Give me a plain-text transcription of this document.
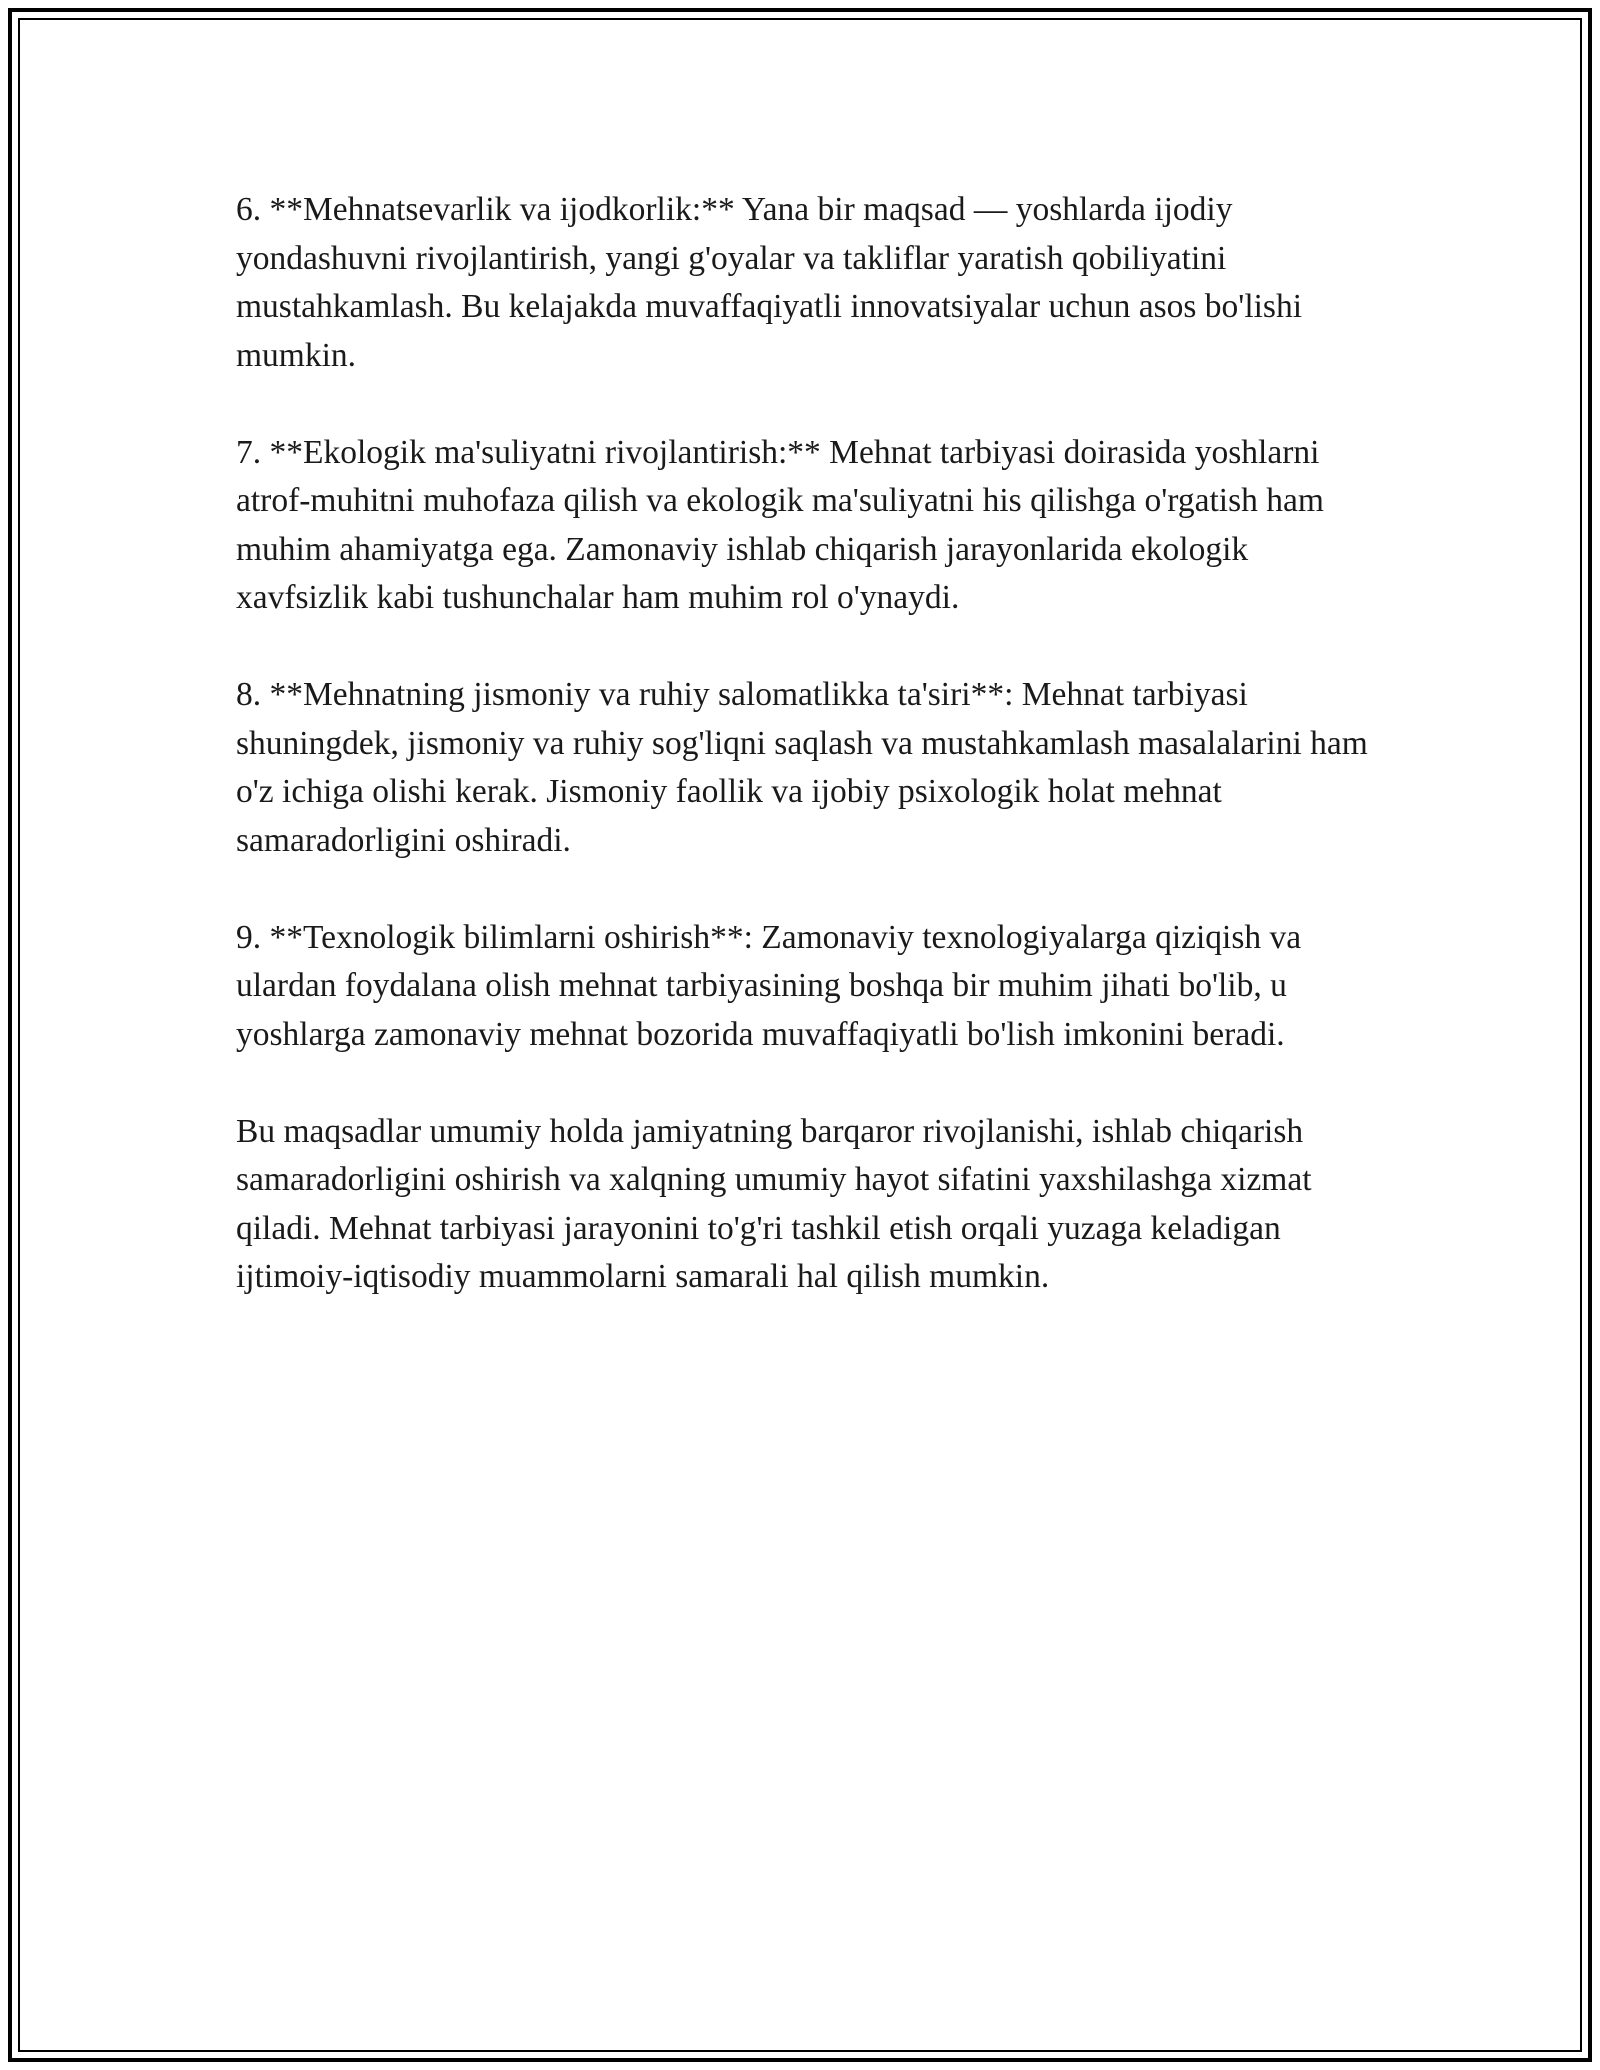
6. **Mehnatsevarlik va ijodkorlik:** Yana bir maqsad — yoshlarda ijodiy yondashuvni rivojlantirish, yangi g'oyalar va takliflar yaratish qobiliyatini mustahkamlash. Bu kelajakda muvaffaqiyatli innovatsiyalar uchun asos bo'lishi mumkin.

7. **Ekologik ma'suliyatni rivojlantirish:** Mehnat tarbiyasi doirasida yoshlarni atrof-muhitni muhofaza qilish va ekologik ma'suliyatni his qilishga o'rgatish ham muhim ahamiyatga ega. Zamonaviy ishlab chiqarish jarayonlarida ekologik xavfsizlik kabi tushunchalar ham muhim rol o'ynaydi.

8. **Mehnatning jismoniy va ruhiy salomatlikka ta'siri**: Mehnat tarbiyasi shuningdek, jismoniy va ruhiy sog'liqni saqlash va mustahkamlash masalalarini ham o'z ichiga olishi kerak. Jismoniy faollik va ijobiy psixologik holat mehnat samaradorligini oshiradi.

9. **Texnologik bilimlarni oshirish**: Zamonaviy texnologiyalarga qiziqish va ulardan foydalana olish mehnat tarbiyasining boshqa bir muhim jihati bo'lib, u yoshlarga zamonaviy mehnat bozorida muvaffaqiyatli bo'lish imkonini beradi.

Bu maqsadlar umumiy holda jamiyatning barqaror rivojlanishi, ishlab chiqarish samaradorligini oshirish va xalqning umumiy hayot sifatini yaxshilashga xizmat qiladi. Mehnat tarbiyasi jarayonini to'g'ri tashkil etish orqali yuzaga keladigan ijtimoiy-iqtisodiy muammolarni samarali hal qilish mumkin.
